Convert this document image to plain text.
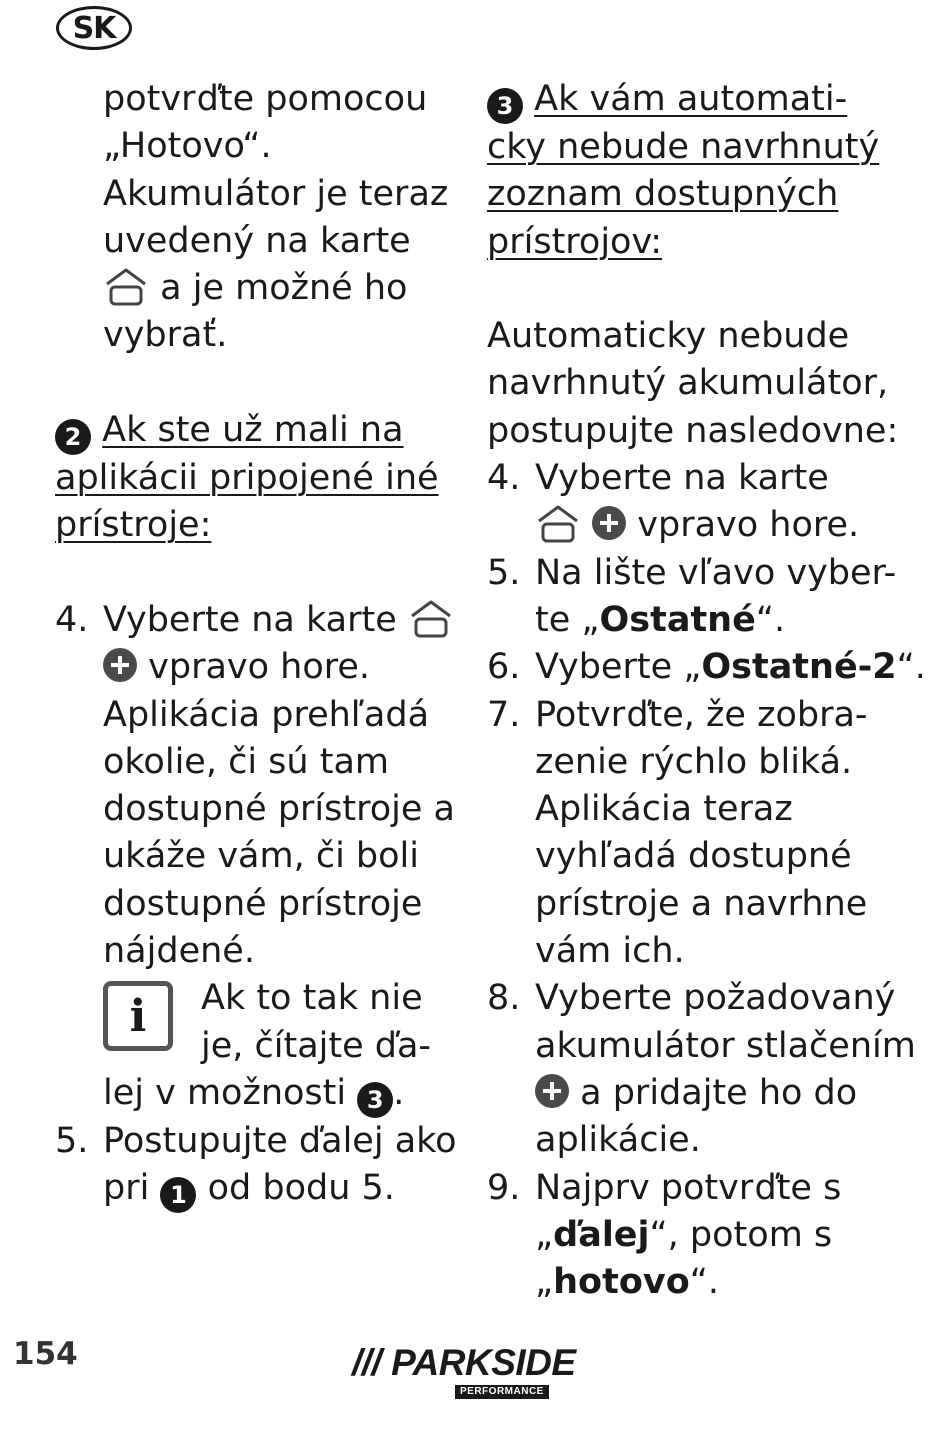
SK
potvrďte pomocou
„Hotovo“.
Akumulátor je teraz
uvedený na karte
a je možné ho
vybrať.
2 Ak ste už mali na
aplikácii pripojené iné
prístroje:
4. Vyberte na karte
vpravo hore.
Aplikácia prehľadá
okolie, či sú tam
dostupné prístroje a
ukáže vám, či boli
dostupné prístroje
nájdené.
i	Ak to tak nie
je, čítajte ďa-
lej v možnosti 3 .
5. Postupujte ďalej ako
pri 1 od bodu 5.
3 Ak vám automati-
cky nebude navrhnutý
zoznam dostupných
prístrojov:
Automaticky nebude
navrhnutý akumulátor,
postupujte nasledovne:
4. Vyberte na karte
vpravo hore.
5. Na lište vľavo vyber-
te „Ostatné“.
6. Vyberte „Ostatné-2“.
7. Potvrďte, že zobra-
zenie rýchlo bliká.
Aplikácia teraz
vyhľadá dostupné
prístroje a navrhne
vám ich.
8. Vyberte požadovaný
akumulátor stlačením
a pridajte ho do
aplikácie.
9. Najprv potvrďte s
„ďalej“, potom s
„hotovo“.
154	/// PARKSIDE
PERFORMANCE
